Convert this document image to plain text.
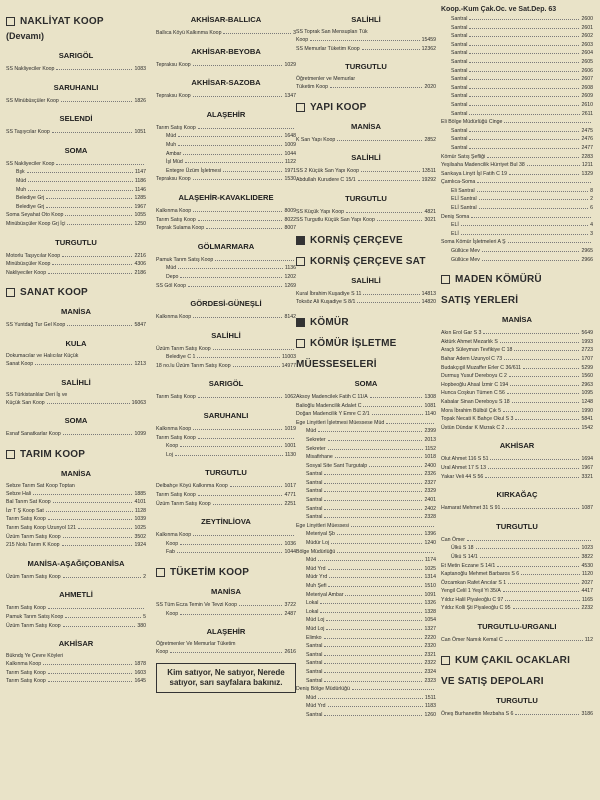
NAKLİYAT KOOP
(Devamı)
SARIGÖL
SS Nakliyeciler Koop	1083
SARUHANLI
SS Minübüsçüler Koop	1826
SELENDİ
SS Taşıycılar Koop	1051
SOMA
SS Nakliyeciler Koop
Bşk	1147
Müd	1186
Muh	1146
Belediye Grj	1285
Belediye Grj	1967
Soma Seyahat Oto Koop	1055
Minübüsçüler Koop Grj İçi	1250
TURGUTLU
Motorlu Taşıycılar Koop	2216
Minübüsçüler Koop	4306
Nakliyeciler Koop	2186
SANAT KOOP
MANİSA
SS Yuntdağ Tur Gel Koop	5847
KULA
Dokumacılar ve Halıcılar Küçük
Sanat Koop	1213
SALİHLİ
SS Türkistanlılar Deri İş ve
Küçük San Koop	16063
SOMA
Esnaf Sanatkarlar Koop	1099
TARIM KOOP
MANİSA
Sebze Tarım Sat Koop Toptan
Sebze Hali	1885
Bal Tarım Sat Koop	4101
İzr T Ş Koop Sat	1128
Tarım Satış Koop	1039
Tarım Satış Koop Uzunyol 121	1025
Üzüm Tarım Satış Koop	3502
215 Nolu Tarım K Koop	1924
MANİSA-AŞAĞIÇOBANİSA
Üzüm Tarım Satış Koop	2
AHMETLİ
Tarım Satış Koop
Pamuk Tarım Satış Koop	5
Üzüm Tarım Satış Koop	380
AKHİSAR
Bükndş Ye Çevre Köyleri
Kalkınma Koop	1878
Tarım Satış Koop	1603
Tarım Satış Koop	1645
AKHİSAR-BALLICA
Ballıca Köyü Kalkınma Koop	3
AKHİSAR-BEYOBA
Tepraksu Koop	1029
AKHİSAR-SAZOBA
Tepraksu Koop	1347
ALAŞEHİR
Tarım Satış Koop
Müd	1648
Muh	1009
Ambar	1044
İşl Müd	1122
Entegre Üzüm İşletmesi	1971
Tepraksu Koop	1530
ALAŞEHİR-KAVAKLIDERE
Kalkınma Koop	8009
Tarım Satış Koop	8022
Teprak Sulama Koop	8007
GÖLMARMARA
Pamuk Tarım Satış Koop
Müd	1136
Depo	1202
SS Göl Koop	1269
GÖRDESİ-GÜNEŞLİ
Kalkınma Koop	8142
SALİHLİ
Üzüm Tarım Satış Koop
Belediye C 1	11003
18 no.lu Üzüm Tarım Satış Koop	14977
SARIGÖL
Tarım Satış Koop	1062
SARUHANLI
Kalkınma Koop	1019
Tarım Satış Koop
Koop	1001
Loj	1130
TURGUTLU
Delbahçe Köyü Kalkınma Koop	1017
Tarım Satış Koop	4771
Üzüm Tarım Satış Koop	2251
ZEYTİNLİOVA
Kalkınma Koop
Koop	1036
Fab	1044
TÜKETİM KOOP
MANİSA
SS Tüm Ecza Temin Ve Tevzi Koop	3722
Koop	2487
ALAŞEHİR
Öğretmenler Ve Memurlar Tüketim
Koop	2616
Kim satıyor, Ne satıyor, Nerede satıyor, sarı sayfalara bakınız.
SALİHLİ
SS Toprak San Mensupları Tük
Koop	15459
SS Memurlar Tüketim Koop	12362
TURGUTLU
Öğretmenler ve Memurlar
Tüketim Koop	2020
YAPI KOOP
MANİSA
K San Yapı Koop	2852
SALİHLİ
SS 2 Küçük San Yapı Koop	13511
Abdullah Kurudere C 15/1	19292
TURGUTLU
SS Küçük Yapı Koop	4821
SS Turgutlu Küçük San Yapı Koop	3021
KORNİŞ ÇERÇEVE
KORNİŞ ÇERÇEVE SAT
SALİHLİ
Kural İbrahim Kuşadiye S 11	14813
Toksöz Ali Kuşadiye S 8/1	14820
KÖMÜR
KÖMÜR İŞLETME
MÜESSESELERİ
SOMA
Aksoy Madencilek Fatih C 11/A	1308
Balioğlu Madencilik Adalet C	1081
Doğan Madencilik Y Emre C 2/1	1140
Ege Linyitleri İşletmesi Müessese Müd
Müd	2399
Sekreter	2013
Sekreter	1152
Misafirhane	1018
Sosyal Site Sant Turgutalp	2400
Santral	2326
Santral	2327
Santral	2329
Santral	2401
Santral	2402
Santral	2328
Ege Linyitleri Müessesi
Meteriyal Şb	1396
Müdür Loj	1240
Bölge Müdürlüğü
Müd	1174
Müd Yrd	1025
Müdr Yrd	1314
Muh Şefi	1510
Meteriyal Ambar	1091
Lokal	1326
Lokal	1328
Müd Loj	1054
Müd Loj	1327
Elimko	2220
Santral	2320
Santral	2321
Santral	2322
Santral	2324
Santral	2323
Deniş Bölge Müdürlüğü
Müd	1511
Müd Yrd	1183
Santral	1260
Koop.-Kum Çak.Oc. ve Sat.Dep. 63
Santral	2600
Santral	2601
Santral	2602
Santral	2603
Santral	2604
Santral	2605
Santral	2606
Santral	2607
Santral	2608
Santral	2609
Santral	2610
Santral	2611
Eli Bölge Müdürlüğü Cinge
Santral	2475
Santral	2476
Santral	2477
Kömür Satış Şefliği	2283
Yeşilsaha Madencilik Hürriyet Bul 38	1211
Sarıkaya Linyit İşl Fatih C 19	1329
Çamlıca-Soma
Eli Santral	8
ELİ Santral	2
ELİ Santral	6
Deniş Soma
ELİ	4
ELİ	3
Soma Kömür İşletmeleri A Ş
Güllüce Mev	2965
Güllüce Mev	2966
MADEN KÖMÜRÜ
SATIŞ YERLERİ
MANİSA
Akın Erol Gar S 3	5649
Aktürk Ahmet Mezarlık S	1993
Araçlı Süleyman Tevfikiye C 18	2723
Bahar Adem Uzunyol C 73	1707
Budakçıgil Muzaffer Erler C 36/611	5299
Durmuş Yusuf Dereboyu C 2	1560
Hopbeoğlu Ahsal İzmir C 194	2963
Hunca Coşkun Tümen C 56	1095
Kabalar Sinan Dereboyu S 18	1248
Mora İbrahim Bülbül Çık 5	1990
Topak Necati K Bahçe Okul S 3	5841
Üstün Dündar K Mızrak C 2	1542
AKHİSAR
Olut Ahmet 116 S 51	1694
Ural Ahmet 17 S 13	1967
Yakar Veli 44 S 56	3321
KIRKAĞAÇ
Hamarat Mehmet 31 S 91	1087
TURGUTLU
Can Ömer
Ülkü S 18	1023
Ülkü S 14/1	3822
Et Metin Eczane S 14/1	4530
Kaptanoğlu Mehmet Barbaros S 6	1120
Özcamkan Rafet Ancılar S 1	2027
Yengil Celil 1 Yeşil Yi 35/A	4417
Yıldız Halil Piyaleoğlu C 97	1165
Yıldız Kolli Şti Piyaleoğlu C 95	2232
TURGUTLU-URGANLI
Can Ömer Namık Kemal C	112
KUM ÇAKIL OCAKLARI
VE SATIŞ DEPOLARI
TURGUTLU
Öneş Burhanettin Mezbaha S 6	3186
